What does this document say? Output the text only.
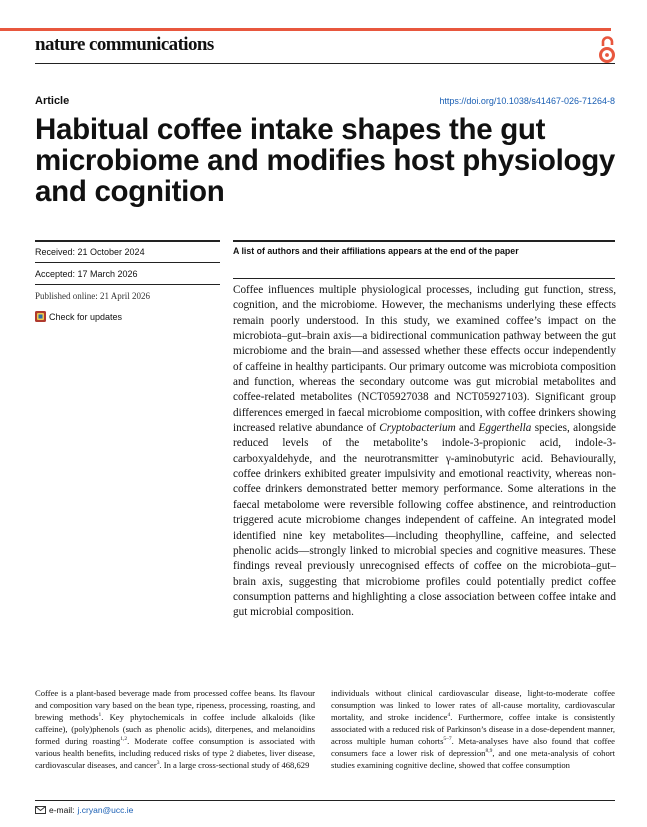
nature communications
Article	https://doi.org/10.1038/s41467-026-71264-8
Habitual coffee intake shapes the gut microbiome and modifies host physiology and cognition
Received: 21 October 2024
Accepted: 17 March 2026
Published online: 21 April 2026
Check for updates
A list of authors and their affiliations appears at the end of the paper

Coffee influences multiple physiological processes, including gut function, stress, cognition, and the microbiome. However, the mechanisms underlying these effects remain poorly understood. In this study, we examined coffee’s impact on the microbiota–gut–brain axis—a bidirectional communication pathway between the gut microbiome and the brain—and assessed whether these effects occur independently of caffeine in healthy participants. Our primary outcome was microbiota composition and function, whereas the secondary outcome was gut microbial metabolites and coffee-related metabolites (NCT05927038 and NCT05927103). Significant group differences emerged in faecal microbiome composition, with coffee drinkers showing increased relative abundance of Cryptobacterium and Eggerthella species, alongside reduced levels of the metabolite’s indole-3-propionic acid, indole-3-carboxyaldehyde, and the neurotransmitter γ-aminobutyric acid. Behaviourally, coffee drinkers exhibited greater impulsivity and emotional reactivity, whereas non-coffee drinkers demonstrated better memory performance. Some alterations in the faecal metabolome were reversible following coffee abstinence, and reintroduction triggered acute microbiome changes independent of caffeine. An integrated model identified nine key metabolites—including theophylline, caffeine, and selected phenolic acids—strongly linked to microbial species and cognitive measures. These findings reveal previously unrecognised effects of coffee on the microbiota–gut–brain axis, suggesting that microbiome profiles could potentially predict coffee consumption patterns and highlighting a close association between coffee intake and gut microbial composition.

Coffee is a plant-based beverage made from processed coffee beans. Its flavour and composition vary based on the bean type, ripeness, processing, roasting, and brewing methods$^1$. Key phytochemicals in coffee include alkaloids (like caffeine), (poly)phenols (such as phenolic acids), diterpenes, and melanoidins formed during roasting$^{1,2}$. Moderate coffee consumption is associated with various health benefits, including reduced risks of type 2 diabetes, liver disease, cardiovascular diseases, and cancer$^3$. In a large cross-sectional study of 468,629

individuals without clinical cardiovascular disease, light-to-moderate coffee consumption was linked to lower rates of all-cause mortality, cardiovascular mortality, and stroke incidence$^4$. Furthermore, coffee intake is consistently associated with a reduced risk of Parkinson’s disease in a dose-dependent manner, across multiple human cohorts$^{5-7}$. Meta-analyses have also found that coffee consumers face a lower risk of depression$^{8,9}$, and one meta-analysis of cohort studies examining cognitive decline, showed that coffee consumption

e-mail: j.cryan@ucc.ie
